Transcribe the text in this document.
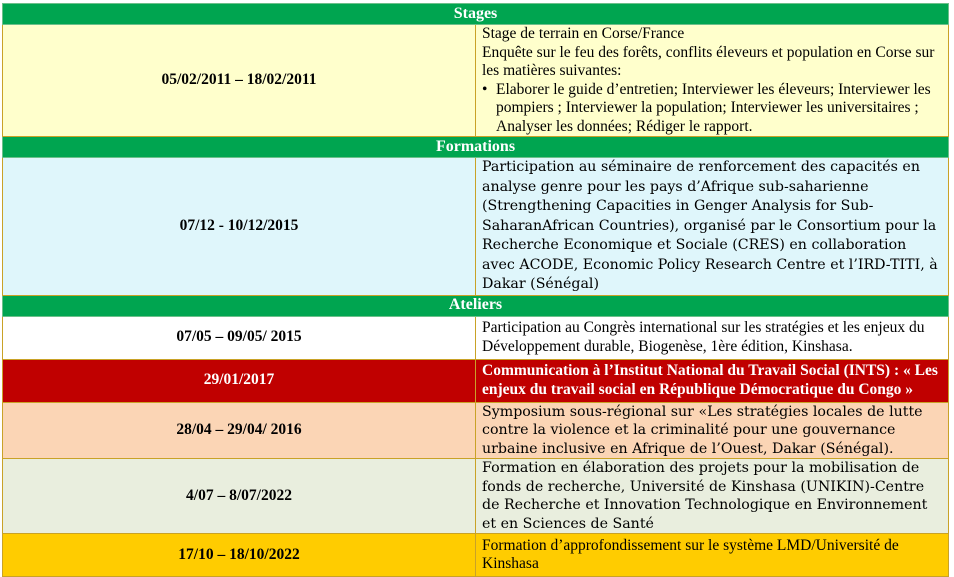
Stages	
05/02/2011 – 18/02/2011	Stage de terrain en Corse/France
Enquête sur le feu des forêts, conflits éleveurs et population en Corse sur les matières suivantes:
• Elaborer le guide d’entretien; Interviewer les éleveurs; Interviewer les pompiers ; Interviewer la population; Interviewer les universitaires ; Analyser les données; Rédiger le rapport.

Formations	
07/12 - 10/12/2015	Participation au séminaire de renforcement des capacités en analyse genre pour les pays d’Afrique sub-saharienne (Strengthening Capacities in Genger Analysis for Sub-SaharanAfrican Countries), organisé par le Consortium pour la Recherche Economique et Sociale (CRES) en collaboration avec ACODE, Economic Policy Research Centre et l’IRD-TITI, à Dakar (Sénégal)
Ateliers	
07/05 – 09/05/ 2015	Participation au Congrès international sur les stratégies et les enjeux du Développement durable, Biogenèse, 1ère édition, Kinshasa.
29/01/2017	Communication à l’Institut National du Travail Social (INTS) : « Les enjeux du travail social en République Démocratique du Congo »
28/04 – 29/04/ 2016	Symposium sous-régional sur «Les stratégies locales de lutte contre la violence et la criminalité pour une gouvernance urbaine inclusive en Afrique de l’Ouest, Dakar (Sénégal).
4/07 – 8/07/2022	Formation en élaboration des projets pour la mobilisation de fonds de recherche, Université de Kinshasa (UNIKIN)-Centre de Recherche et Innovation Technologique en Environnement et en Sciences de Santé
17/10 – 18/10/2022	Formation d’approfondissement sur le système LMD/Université de Kinshasa
